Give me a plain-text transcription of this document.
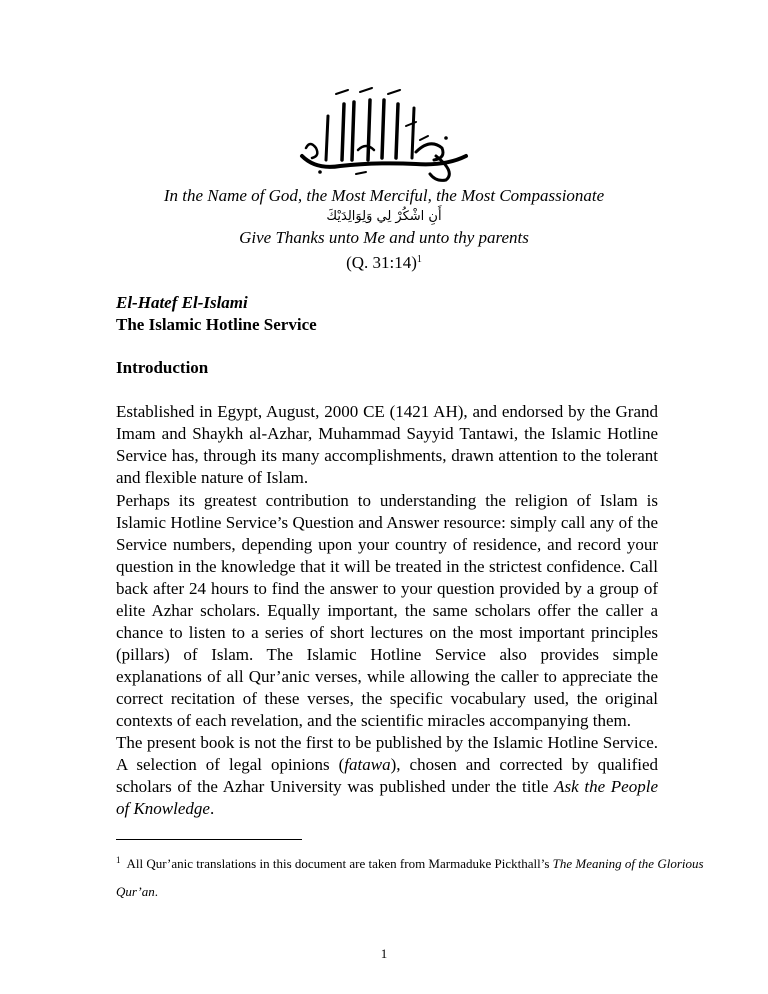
In the Name of God, the Most Merciful, the Most Compassionate
أَنِ اشْكُرْ لِي وَلِوَالِدَيْكَ
Give Thanks unto Me and unto thy parents
(Q. 31:14)$^1$
El-Hatef El-Islami
The Islamic Hotline Service
Introduction
Established in Egypt, August, 2000 CE (1421 AH), and endorsed by the Grand Imam and Shaykh al-Azhar, Muhammad Sayyid Tantawi, the Islamic Hotline Service has, through its many accomplishments, drawn attention to the tolerant and flexible nature of Islam.
Perhaps its greatest contribution to understanding the religion of Islam is Islamic Hotline Service’s Question and Answer resource: simply call any of the Service numbers, depending upon your country of residence, and record your question in the knowledge that it will be treated in the strictest confidence. Call back after 24 hours to find the answer to your question provided by a group of elite Azhar scholars. Equally important, the same scholars offer the caller a chance to listen to a series of short lectures on the most important principles (pillars) of Islam. The Islamic Hotline Service also provides simple explanations of all Qur’anic verses, while allowing the caller to appreciate the correct recitation of these verses, the specific vocabulary used, the original contexts of each revelation, and the scientific miracles accompanying them.
The present book is not the first to be published by the Islamic Hotline Service. A selection of legal opinions (fatawa), chosen and corrected by qualified scholars of the Azhar University was published under the title Ask the People of Knowledge.
$^1$ All Qur’anic translations in this document are taken from Marmaduke Pickthall’s The Meaning of the Glorious Qur’an.
1
